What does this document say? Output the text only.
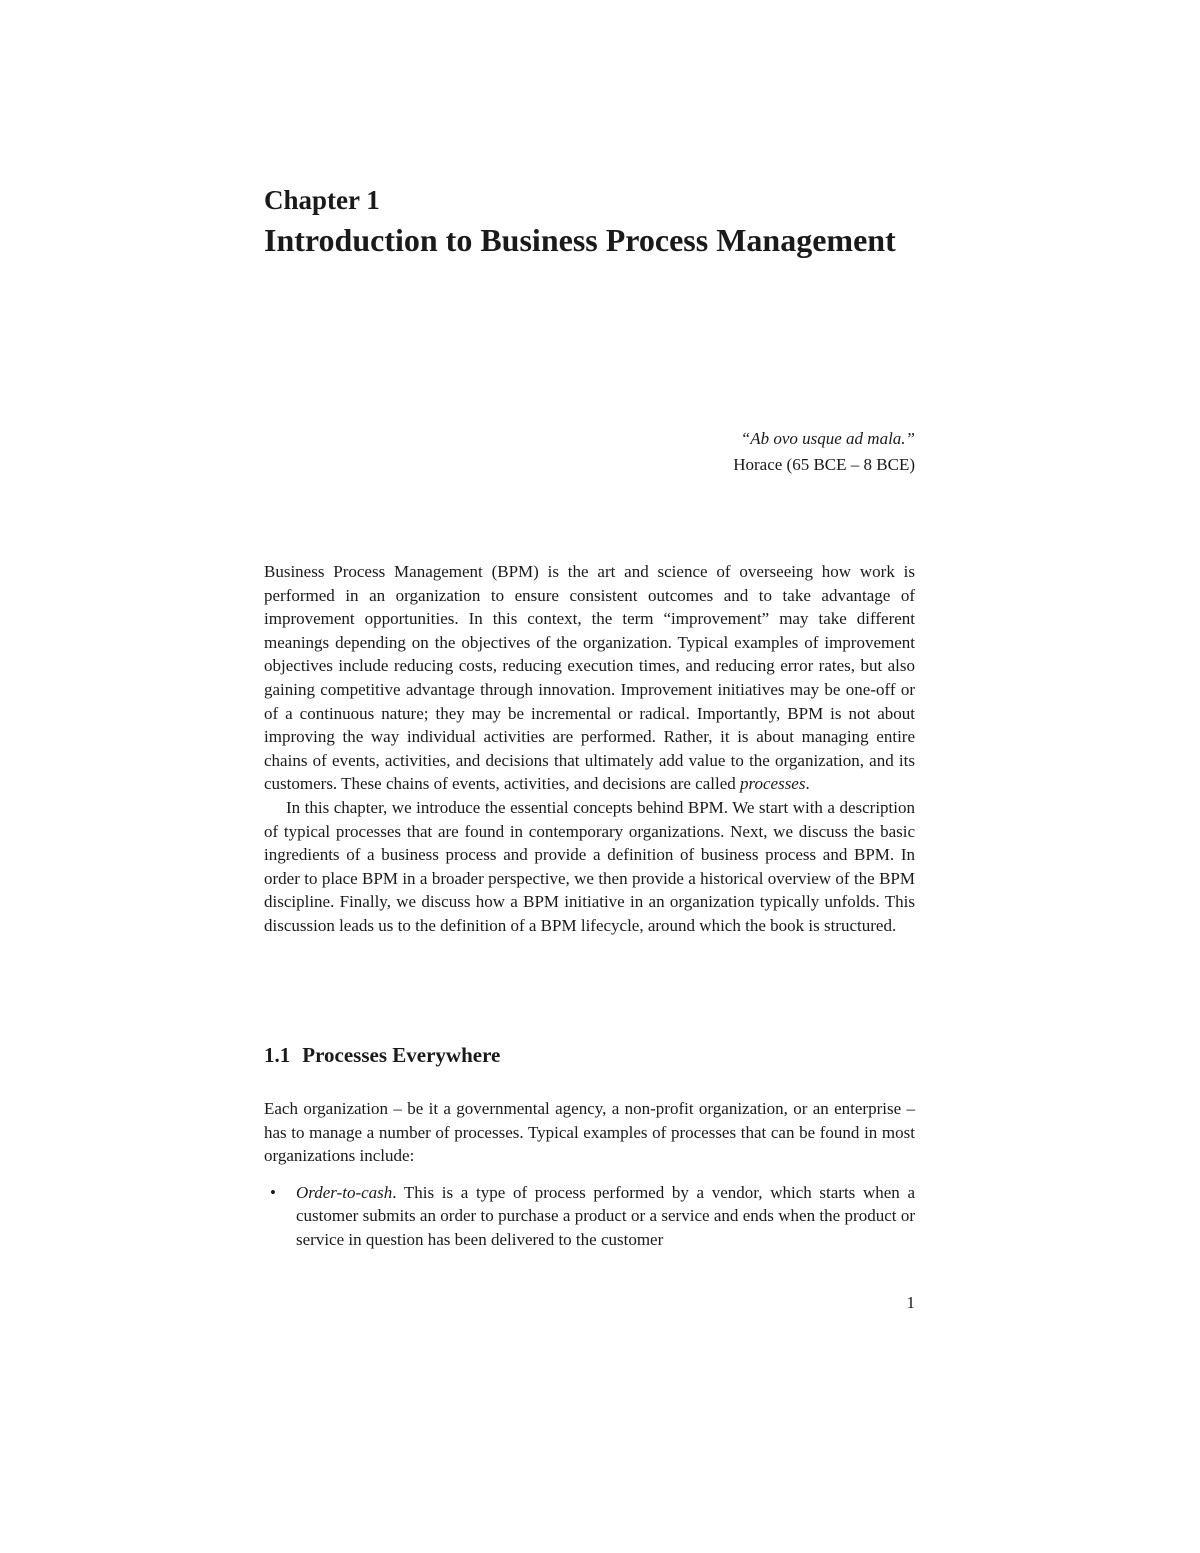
Chapter 1
Introduction to Business Process Management
“Ab ovo usque ad mala.”
Horace (65 BCE – 8 BCE)

Business Process Management (BPM) is the art and science of overseeing how work is performed in an organization to ensure consistent outcomes and to take advantage of improvement opportunities. In this context, the term “improvement” may take different meanings depending on the objectives of the organization. Typical examples of improvement objectives include reducing costs, reducing execution times, and reducing error rates, but also gaining competitive advantage through innovation. Improvement initiatives may be one-off or of a continuous nature; they may be incremental or radical. Importantly, BPM is not about improving the way individual activities are performed. Rather, it is about managing entire chains of events, activities, and decisions that ultimately add value to the organization, and its customers. These chains of events, activities, and decisions are called processes.

In this chapter, we introduce the essential concepts behind BPM. We start with a description of typical processes that are found in contemporary organizations. Next, we discuss the basic ingredients of a business process and provide a definition of business process and BPM. In order to place BPM in a broader perspective, we then provide a historical overview of the BPM discipline. Finally, we discuss how a BPM initiative in an organization typically unfolds. This discussion leads us to the definition of a BPM lifecycle, around which the book is structured.

1.1 Processes Everywhere

Each organization – be it a governmental agency, a non-profit organization, or an enterprise – has to manage a number of processes. Typical examples of processes that can be found in most organizations include:

• Order-to-cash. This is a type of process performed by a vendor, which starts when a customer submits an order to purchase a product or a service and ends when the product or service in question has been delivered to the customer
1
